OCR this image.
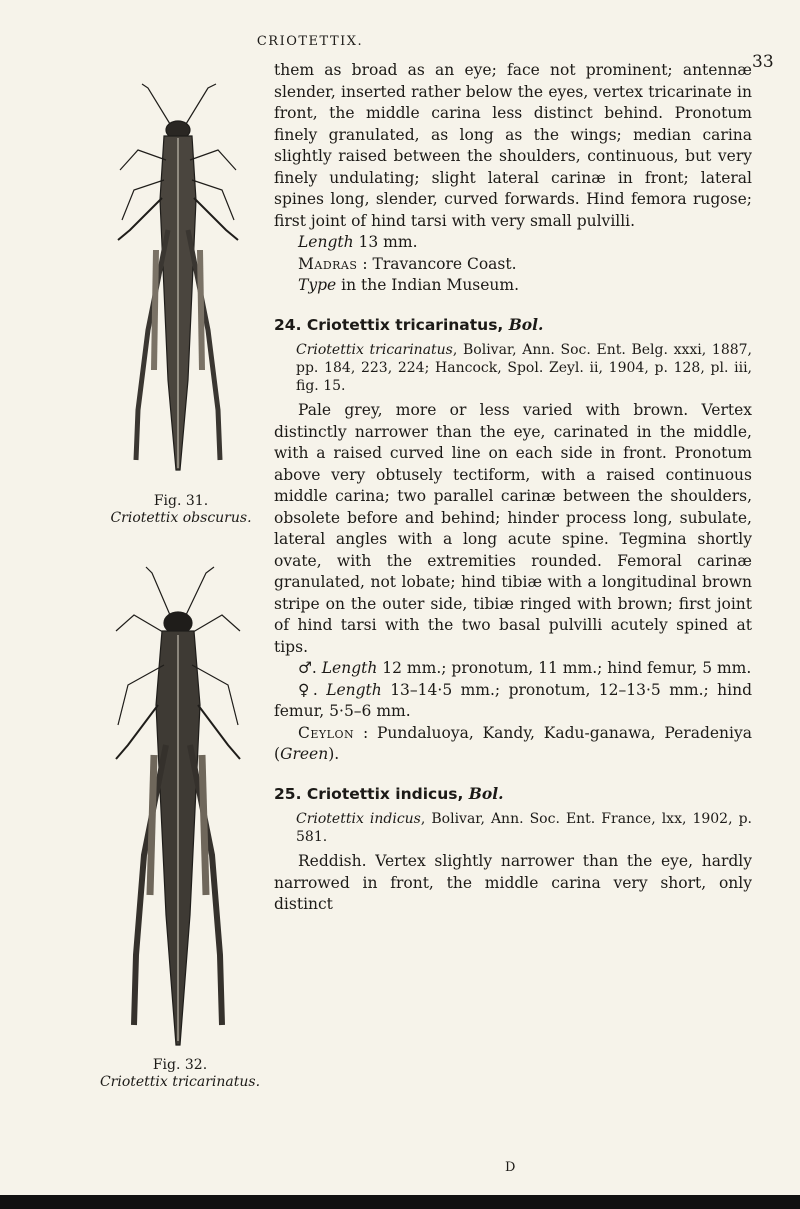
CRIOTETTIX.
33
Fig. 31.
Criotettix obscurus.
Fig. 32.
Criotettix tricarinatus.

them as broad as an eye; face not prominent; antennæ slender, inserted rather below the eyes, vertex tricarinate in front, the middle carina less distinct behind. Pronotum finely granulated, as long as the wings; median carina slightly raised between the shoulders, continuous, but very finely undulating; slight lateral carinæ in front; lateral spines long, slender, curved forwards. Hind femora rugose; first joint of hind tarsi with very small pulvilli.

Length 13 mm.

Madras : Travancore Coast.

Type in the Indian Museum.

24. Criotettix tricarinatus, Bol.

Criotettix tricarinatus, Bolivar, Ann. Soc. Ent. Belg. xxxi, 1887, pp. 184, 223, 224; Hancock, Spol. Zeyl. ii, 1904, p. 128, pl. iii, fig. 15.

Pale grey, more or less varied with brown. Vertex distinctly narrower than the eye, carinated in the middle, with a raised curved line on each side in front. Pronotum above very obtusely tectiform, with a raised continuous middle carina; two parallel carinæ between the shoulders, obsolete before and behind; hinder process long, subulate, lateral angles with a long acute spine. Tegmina shortly ovate, with the extremities rounded. Femoral carinæ granulated, not lobate; hind tibiæ with a longitudinal brown stripe on the outer side, tibiæ ringed with brown; first joint of hind tarsi with the two basal pulvilli acutely spined at tips.

♂. Length 12 mm.; pronotum, 11 mm.; hind femur, 5 mm.

♀. Length 13–14·5 mm.; pronotum, 12–13·5 mm.; hind femur, 5·5–6 mm.

Ceylon : Pundaluoya, Kandy, Kadu-ganawa, Peradeniya (Green).

25. Criotettix indicus, Bol.

Criotettix indicus, Bolivar, Ann. Soc. Ent. France, lxx, 1902, p. 581.

Reddish. Vertex slightly narrower than the eye, hardly narrowed in front, the middle carina very short, only distinct

D
